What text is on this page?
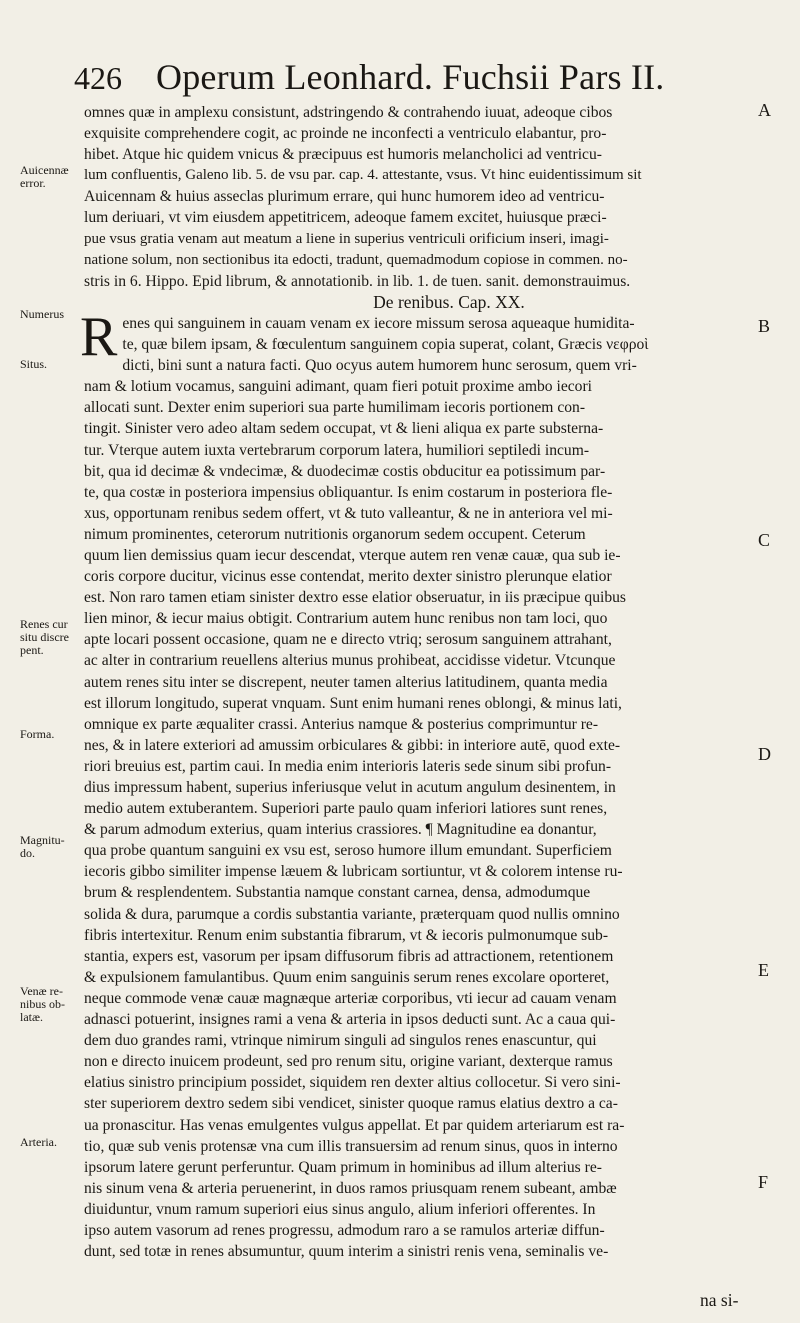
426 Operum Leonhard. Fuchsii Pars II.
Auicennæ error.
Numerus
Situs.
Renes cur situ discre pent.
Forma.
Magnitu- do.
Venæ re- nibus ob- latæ.
Arteria.
A
B
C
D
E
F
omnes quæ in amplexu consistunt, adstringendo & contrahendo iuuat, adeoque cibos
exquisite comprehendere cogit, ac proinde ne inconfecti a ventriculo elabantur, pro-
hibet. Atque hic quidem vnicus & præcipuus est humoris melancholici ad ventricu-
lum confluentis, Galeno lib. 5. de vsu par. cap. 4. attestante, vsus. Vt hinc euidentissimum sit
Auicennam & huius asseclas plurimum errare, qui hunc humorem ideo ad ventricu-
lum deriuari, vt vim eiusdem appetitricem, adeoque famem excitet, huiusque præci-
pue vsus gratia venam aut meatum a liene in superius ventriculi orificium inseri, imagi-
natione solum, non sectionibus ita edocti, tradunt, quemadmodum copiose in commen. no-
stris in 6. Hippo. Epid librum, & annotationib. in lib. 1. de tuen. sanit. demonstrauimus.
De renibus. Cap. XX.
R enes qui sanguinem in cauam venam ex iecore missum serosa aqueaque humidita-
te, quæ bilem ipsam, & fœculentum sanguinem copia superat, colant, Græcis νεφροὶ
dicti, bini sunt a natura facti. Quo ocyus autem humorem hunc serosum, quem vri-
nam & lotium vocamus, sanguini adimant, quam fieri potuit proxime ambo iecori
allocati sunt. Dexter enim superiori sua parte humilimam iecoris portionem con-
tingit. Sinister vero adeo altam sedem occupat, vt & lieni aliqua ex parte substerna-
tur. Vterque autem iuxta vertebrarum corporum latera, humiliori septiledi incum-
bit, qua id decimæ & vndecimæ, & duodecimæ costis obducitur ea potissimum par-
te, qua costæ in posteriora impensius obliquantur. Is enim costarum in posteriora fle-
xus, opportunam renibus sedem offert, vt & tuto valleantur, & ne in anteriora vel mi-
nimum prominentes, ceterorum nutritionis organorum sedem occupent. Ceterum
quum lien demissius quam iecur descendat, vterque autem ren venæ cauæ, qua sub ie-
coris corpore ducitur, vicinus esse contendat, merito dexter sinistro plerunque elatior
est. Non raro tamen etiam sinister dextro esse elatior obseruatur, in iis præcipue quibus
lien minor, & iecur maius obtigit. Contrarium autem hunc renibus non tam loci, quo
apte locari possent occasione, quam ne e directo vtriq; serosum sanguinem attrahant,
ac alter in contrarium reuellens alterius munus prohibeat, accidisse videtur. Vtcunque
autem renes situ inter se discrepent, neuter tamen alterius latitudinem, quanta media
est illorum longitudo, superat vnquam. Sunt enim humani renes oblongi, & minus lati,
omnique ex parte æqualiter crassi. Anterius namque & posterius comprimuntur re-
nes, & in latere exteriori ad amussim orbiculares & gibbi: in interiore autē, quod exte-
riori breuius est, partim caui. In media enim interioris lateris sede sinum sibi profun-
dius impressum habent, superius inferiusque velut in acutum angulum desinentem, in
medio autem extuberantem. Superiori parte paulo quam inferiori latiores sunt renes,
& parum admodum exterius, quam interius crassiores. ¶ Magnitudine ea donantur,
qua probe quantum sanguini ex vsu est, seroso humore illum emundant. Superficiem
iecoris gibbo similiter impense læuem & lubricam sortiuntur, vt & colorem intense ru-
brum & resplendentem. Substantia namque constant carnea, densa, admodumque
solida & dura, parumque a cordis substantia variante, præterquam quod nullis omnino
fibris intertexitur. Renum enim substantia fibrarum, vt & iecoris pulmonumque sub-
stantia, expers est, vasorum per ipsam diffusorum fibris ad attractionem, retentionem
& expulsionem famulantibus. Quum enim sanguinis serum renes excolare oporteret,
neque commode venæ cauæ magnæque arteriæ corporibus, vti iecur ad cauam venam
adnasci potuerint, insignes rami a vena & arteria in ipsos deducti sunt. Ac a caua qui-
dem duo grandes rami, vtrinque nimirum singuli ad singulos renes enascuntur, qui
non e directo inuicem prodeunt, sed pro renum situ, origine variant, dexterque ramus
elatius sinistro principium possidet, siquidem ren dexter altius collocetur. Si vero sini-
ster superiorem dextro sedem sibi vendicet, sinister quoque ramus elatius dextro a ca-
ua pronascitur. Has venas emulgentes vulgus appellat. Et par quidem arteriarum est ra-
tio, quæ sub venis protensæ vna cum illis transuersim ad renum sinus, quos in interno
ipsorum latere gerunt perferuntur. Quam primum in hominibus ad illum alterius re-
nis sinum vena & arteria peruenerint, in duos ramos priusquam renem subeant, ambæ
diuiduntur, vnum ramum superiori eius sinus angulo, alium inferiori offerentes. In
ipso autem vasorum ad renes progressu, admodum raro a se ramulos arteriæ diffun-
dunt, sed totæ in renes absumuntur, quum interim a sinistri renis vena, seminalis ve-
na si-
